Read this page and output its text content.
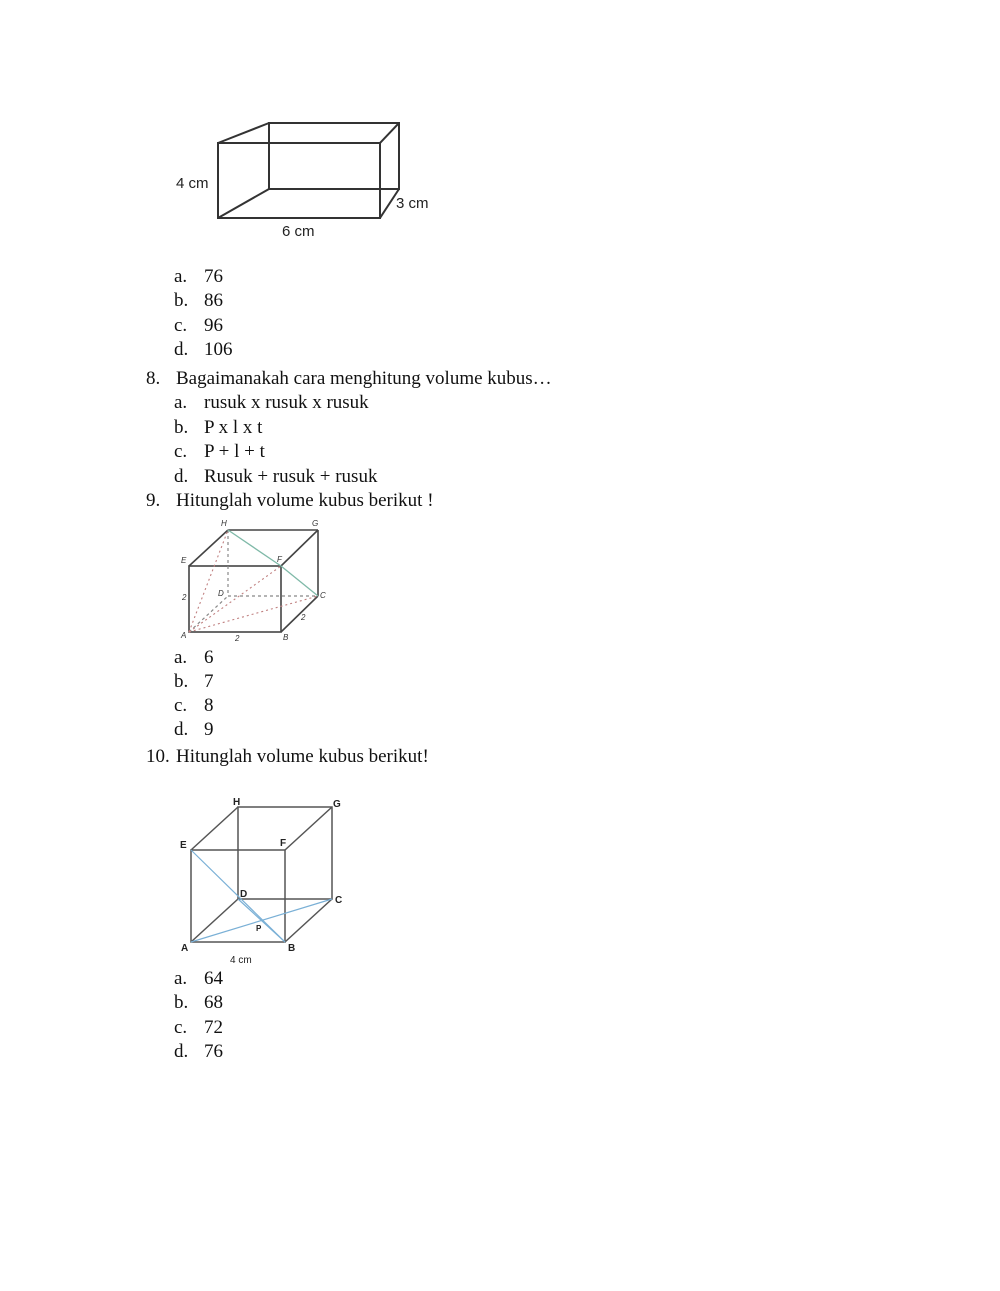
4 cm
6 cm
3 cm
a. 76
b. 86
c. 96
d. 106
8. Bagaimanakah cara menghitung volume kubus…
a. rusuk x rusuk x rusuk
b. P x l x t
c. P + l + t
d. Rusuk + rusuk + rusuk
9. Hitunglah volume kubus berikut !
H	G
E	F
D	C
A	B
2
2
2
a. 6
b. 7
c. 8
d. 9
10. Hitunglah volume kubus berikut!
H	G
E	F
D
C
A	B
P
4 cm
a. 64
b. 68
c. 72
d. 76
